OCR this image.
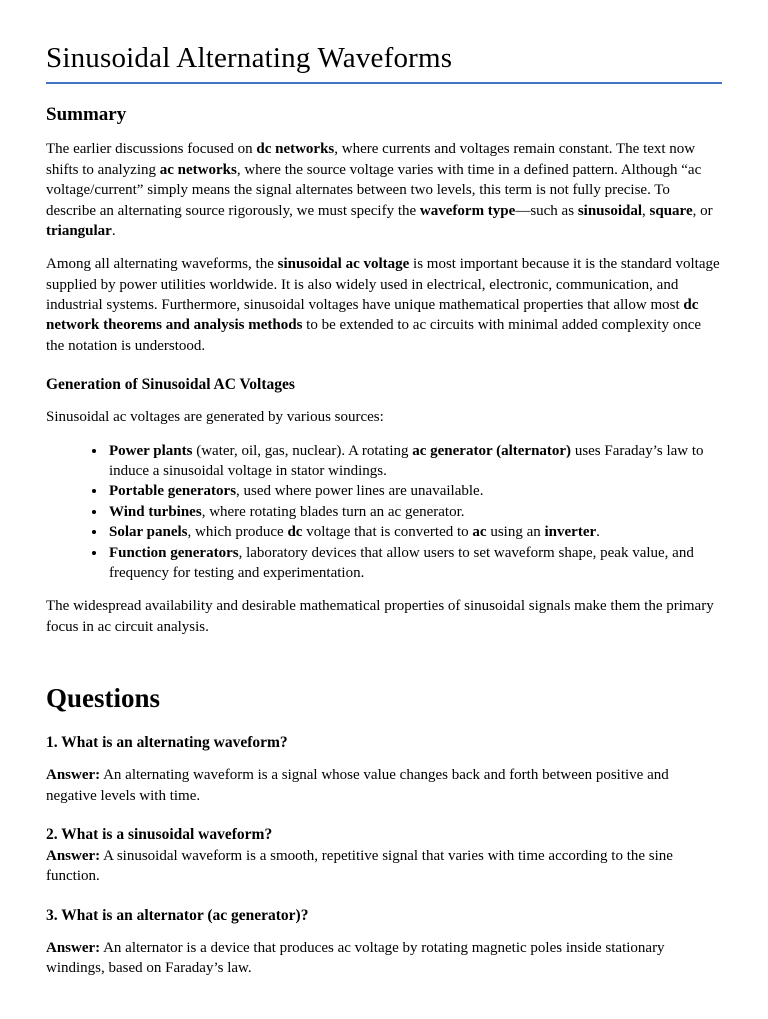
Sinusoidal Alternating Waveforms
Summary
The earlier discussions focused on dc networks, where currents and voltages remain constant. The text now shifts to analyzing ac networks, where the source voltage varies with time in a defined pattern. Although “ac voltage/current” simply means the signal alternates between two levels, this term is not fully precise. To describe an alternating source rigorously, we must specify the waveform type—such as sinusoidal, square, or triangular.
Among all alternating waveforms, the sinusoidal ac voltage is most important because it is the standard voltage supplied by power utilities worldwide. It is also widely used in electrical, electronic, communication, and industrial systems. Furthermore, sinusoidal voltages have unique mathematical properties that allow most dc network theorems and analysis methods to be extended to ac circuits with minimal added complexity once the notation is understood.
Generation of Sinusoidal AC Voltages
Sinusoidal ac voltages are generated by various sources:
• Power plants (water, oil, gas, nuclear). A rotating ac generator (alternator) uses Faraday’s law to induce a sinusoidal voltage in stator windings.
• Portable generators, used where power lines are unavailable.
• Wind turbines, where rotating blades turn an ac generator.
• Solar panels, which produce dc voltage that is converted to ac using an inverter.
• Function generators, laboratory devices that allow users to set waveform shape, peak value, and frequency for testing and experimentation.
The widespread availability and desirable mathematical properties of sinusoidal signals make them the primary focus in ac circuit analysis.
Questions
1. What is an alternating waveform?
Answer: An alternating waveform is a signal whose value changes back and forth between positive and negative levels with time.
2. What is a sinusoidal waveform?
Answer: A sinusoidal waveform is a smooth, repetitive signal that varies with time according to the sine function.
3. What is an alternator (ac generator)?
Answer: An alternator is a device that produces ac voltage by rotating magnetic poles inside stationary windings, based on Faraday’s law.
